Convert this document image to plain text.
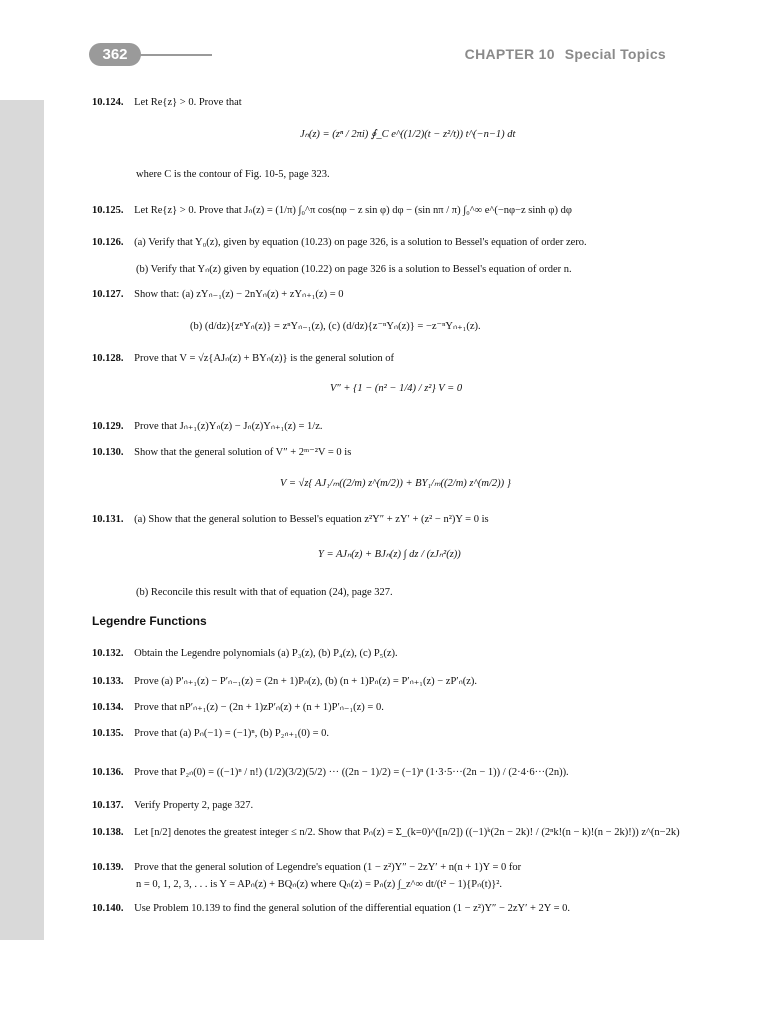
362	CHAPTER 10 Special Topics
10.124. Let Re{z} > 0. Prove that
Jₙ(z) = (zⁿ / 2πi) ∮_C e^((1/2)(t − z²/t)) t^(−n−1) dt
where C is the contour of Fig. 10-5, page 323.
10.125. Let Re{z} > 0. Prove that Jₙ(z) = (1/π) ∫₀^π cos(nφ − z sin φ) dφ − (sin nπ / π) ∫₀^∞ e^(−nφ−z sinh φ) dφ
10.126. (a) Verify that Y₀(z), given by equation (10.23) on page 326, is a solution to Bessel's equation of order zero.
(b) Verify that Yₙ(z) given by equation (10.22) on page 326 is a solution to Bessel's equation of order n.
10.127. Show that: (a) zYₙ₋₁(z) − 2nYₙ(z) + zYₙ₊₁(z) = 0
(b) (d/dz){zⁿYₙ(z)} = zⁿYₙ₋₁(z), (c) (d/dz){z⁻ⁿYₙ(z)} = −z⁻ⁿYₙ₊₁(z).
10.128. Prove that V = √z{AJₙ(z) + BYₙ(z)} is the general solution of
V″ + {1 − (n² − 1/4) / z²} V = 0
10.129. Prove that Jₙ₊₁(z)Yₙ(z) − Jₙ(z)Yₙ₊₁(z) = 1/z.
10.130. Show that the general solution of V″ + 2ᵐ⁻²V = 0 is
V = √z{ AJ₁/ₘ((2/m) z^(m/2)) + BY₁/ₘ((2/m) z^(m/2)) }
10.131. (a) Show that the general solution to Bessel's equation z²Y″ + zY′ + (z² − n²)Y = 0 is
Y = AJₙ(z) + BJₙ(z) ∫ dz / (zJₙ²(z))
(b) Reconcile this result with that of equation (24), page 327.
Legendre Functions
10.132. Obtain the Legendre polynomials (a) P₃(z), (b) P₄(z), (c) P₅(z).
10.133. Prove (a) P′ₙ₊₁(z) − P′ₙ₋₁(z) = (2n + 1)Pₙ(z), (b) (n + 1)Pₙ(z) = P′ₙ₊₁(z) − zP′ₙ(z).
10.134. Prove that nP′ₙ₊₁(z) − (2n + 1)zP′ₙ(z) + (n + 1)P′ₙ₋₁(z) = 0.
10.135. Prove that (a) Pₙ(−1) = (−1)ⁿ, (b) P₂ₙ₊₁(0) = 0.
10.136. Prove that P₂ₙ(0) = ((−1)ⁿ / n!) (1/2)(3/2)(5/2) ··· ((2n − 1)/2) = (−1)ⁿ (1·3·5···(2n − 1)) / (2·4·6···(2n)).
10.137. Verify Property 2, page 327.
10.138. Let [n/2] denotes the greatest integer ≤ n/2. Show that Pₙ(z) = Σ_(k=0)^([n/2]) ((−1)ᵏ(2n − 2k)! / (2ⁿk!(n − k)!(n − 2k)!)) z^(n−2k)
10.139. Prove that the general solution of Legendre's equation (1 − z²)Y″ − 2zY′ + n(n + 1)Y = 0 for
n = 0, 1, 2, 3, . . . is Y = APₙ(z) + BQₙ(z) where Qₙ(z) = Pₙ(z) ∫_z^∞ dt/(t² − 1){Pₙ(t)}².
10.140. Use Problem 10.139 to find the general solution of the differential equation (1 − z²)Y″ − 2zY′ + 2Y = 0.
